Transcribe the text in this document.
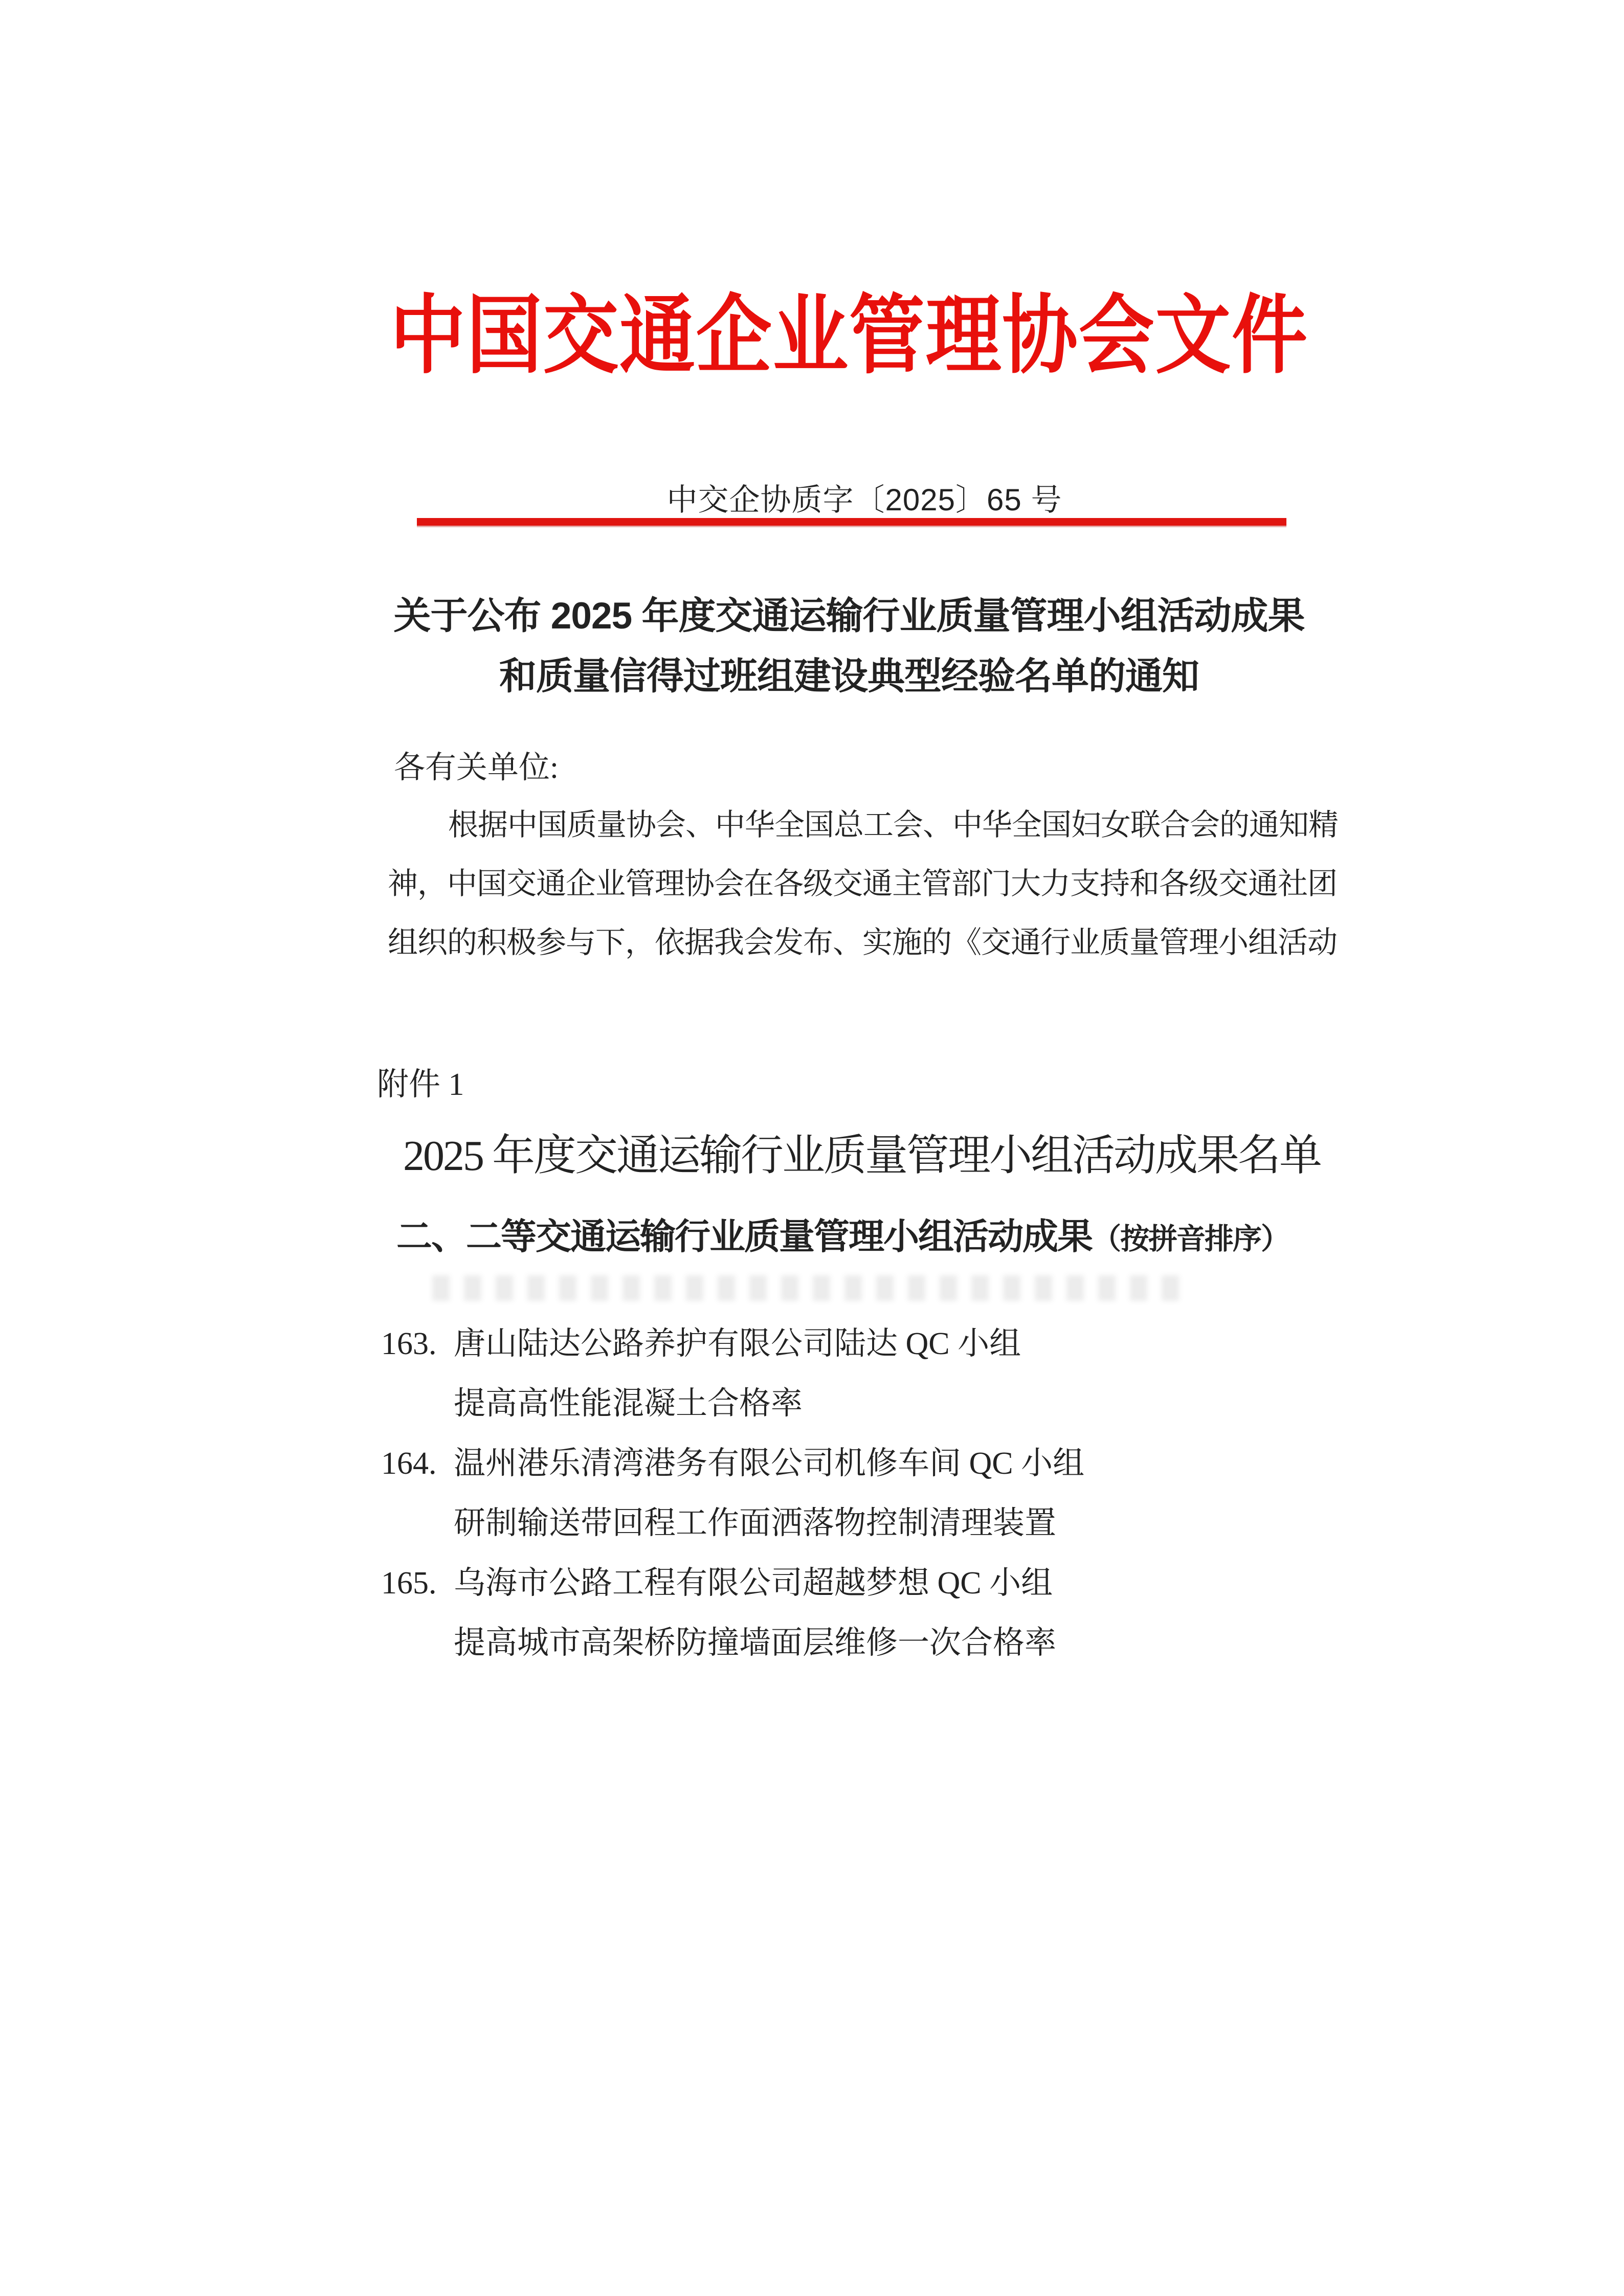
中国交通企业管理协会文件
中交企协质字〔2025〕65 号
关于公布 2025 年度交通运输行业质量管理小组活动成果
和质量信得过班组建设典型经验名单的通知
各有关单位:
根据中国质量协会、中华全国总工会、中华全国妇女联合会的通知精
神，中国交通企业管理协会在各级交通主管部门大力支持和各级交通社团
组织的积极参与下，依据我会发布、实施的《交通行业质量管理小组活动
附件 1
2025 年度交通运输行业质量管理小组活动成果名单
二、二等交通运输行业质量管理小组活动成果（按拼音排序）
163. 唐山陆达公路养护有限公司陆达 QC 小组
提高高性能混凝土合格率
164. 温州港乐清湾港务有限公司机修车间 QC 小组
研制输送带回程工作面洒落物控制清理装置
165. 乌海市公路工程有限公司超越梦想 QC 小组
提高城市高架桥防撞墙面层维修一次合格率
